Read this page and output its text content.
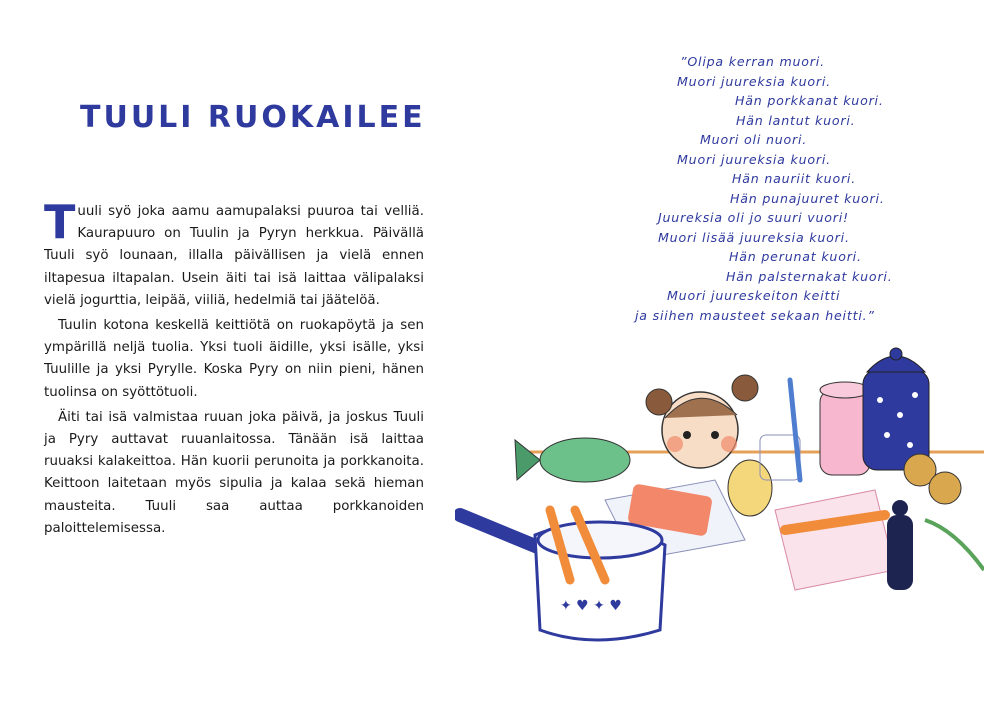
TUULI RUOKAILEE

Tuuli syö joka aamu aamupalaksi puuroa tai velliä. Kaurapuuro on Tuulin ja Pyryn herkkua. Päivällä Tuuli syö lounaan, illalla päivällisen ja vielä ennen iltapesua iltapalan. Usein äiti tai isä laittaa välipalaksi vielä jogurttia, leipää, viiliä, hedelmiä tai jäätelöä.

Tuulin kotona keskellä keittiötä on ruokapöytä ja sen ympärillä neljä tuolia. Yksi tuoli äidille, yksi isälle, yksi Tuulille ja yksi Pyrylle. Koska Pyry on niin pieni, hänen tuolinsa on syöttötuoli.

Äiti tai isä valmistaa ruuan joka päivä, ja joskus Tuuli ja Pyry auttavat ruuanlaitossa. Tänään isä laittaa ruuaksi kalakeittoa. Hän kuorii perunoita ja porkkanoita. Keittoon laitetaan myös sipulia ja kalaa sekä hieman mausteita. Tuuli saa auttaa porkkanoiden paloittelemisessa.

”Olipa kerran muori.
Muori juureksia kuori.
Hän porkkanat kuori.
Hän lantut kuori.
Muori oli nuori.
Muori juureksia kuori.
Hän nauriit kuori.
Hän punajuuret kuori.
Juureksia oli jo suuri vuori!
Muori lisää juureksia kuori.
Hän perunat kuori.
Hän palsternakat kuori.
Muori juureskeiton keitti
ja siihen mausteet sekaan heitti.”
✦ ♥ ✦ ♥
